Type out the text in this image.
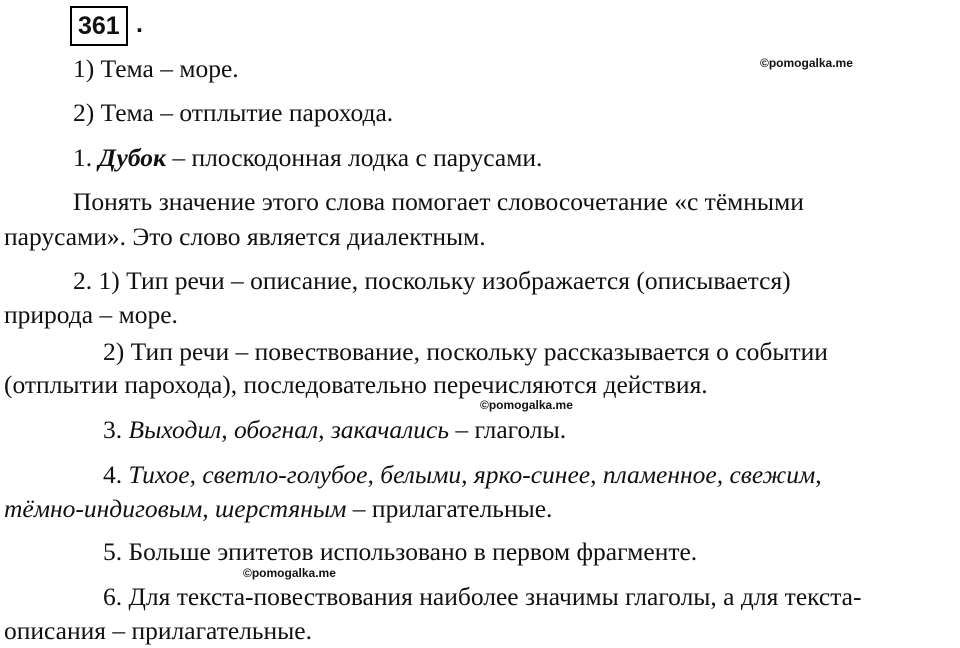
361 .
©pomogalka.me
©pomogalka.me
©pomogalka.me
1) Тема – море.
2) Тема – отплытие парохода.
1. Дубок – плоскодонная лодка с парусами.
Понять значение этого слова помогает словосочетание «с тёмными
парусами». Это слово является диалектным.
2. 1) Тип речи – описание, поскольку изображается (описывается)
природа – море.
2) Тип речи – повествование, поскольку рассказывается о событии
(отплытии парохода), последовательно перечисляются действия.
3. Выходил, обогнал, закачались – глаголы.
4. Тихое, светло-голубое, белыми, ярко-синее, пламенное, свежим,
тёмно-индиговым, шерстяным – прилагательные.
5. Больше эпитетов использовано в первом фрагменте.
6. Для текста-повествования наиболее значимы глаголы, а для текста-
описания – прилагательные.
